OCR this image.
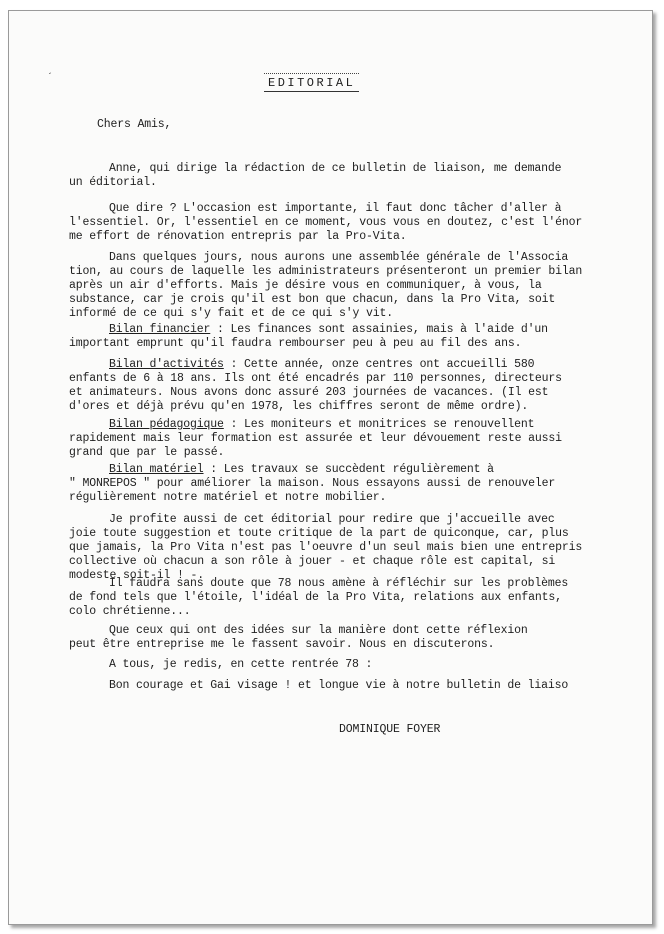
´	EDITORIAL
Chers Amis,
Anne, qui dirige la rédaction de ce bulletin de liaison, me demande
un éditorial.
Que dire ? L'occasion est importante, il faut donc tâcher d'aller à
l'essentiel. Or, l'essentiel en ce moment, vous vous en doutez, c'est l'énor
me effort de rénovation entrepris par la Pro-Vita.
Dans quelques jours, nous aurons une assemblée générale de l'Associa
tion, au cours de laquelle les administrateurs présenteront un premier bilan
après un air d'efforts. Mais je désire vous en communiquer, à vous, la
substance, car je crois qu'il est bon que chacun, dans la Pro Vita, soit
informé de ce qui s'y fait et de ce qui s'y vit.
Bilan financier : Les finances sont assainies, mais à l'aide d'un
important emprunt qu'il faudra rembourser peu à peu au fil des ans.
Bilan d'activités : Cette année, onze centres ont accueilli 580
enfants de 6 à 18 ans. Ils ont été encadrés par 110 personnes, directeurs
et animateurs. Nous avons donc assuré 203 journées de vacances. (Il est
d'ores et déjà prévu qu'en 1978, les chiffres seront de même ordre).
Bilan pédagogique : Les moniteurs et monitrices se renouvellent
rapidement mais leur formation est assurée et leur dévouement reste aussi
grand que par le passé.
Bilan matériel : Les travaux se succèdent régulièrement à
" MONREPOS " pour améliorer la maison. Nous essayons aussi de renouveler
régulièrement notre matériel et notre mobilier.
Je profite aussi de cet éditorial pour redire que j'accueille avec
joie toute suggestion et toute critique de la part de quiconque, car, plus
que jamais, la Pro Vita n'est pas l'oeuvre d'un seul mais bien une entrepris
collective où chacun a son rôle à jouer - et chaque rôle est capital, si
modeste soit-il ! -.
Il faudra sans doute que 78 nous amène à réfléchir sur les problèmes
de fond tels que l'étoile, l'idéal de la Pro Vita, relations aux enfants,
colo chrétienne...
Que ceux qui ont des idées sur la manière dont cette réflexion
peut être entreprise me le fassent savoir. Nous en discuterons.
A tous, je redis, en cette rentrée 78 :
Bon courage et Gai visage ! et longue vie à notre bulletin de liaiso
DOMINIQUE FOYER
